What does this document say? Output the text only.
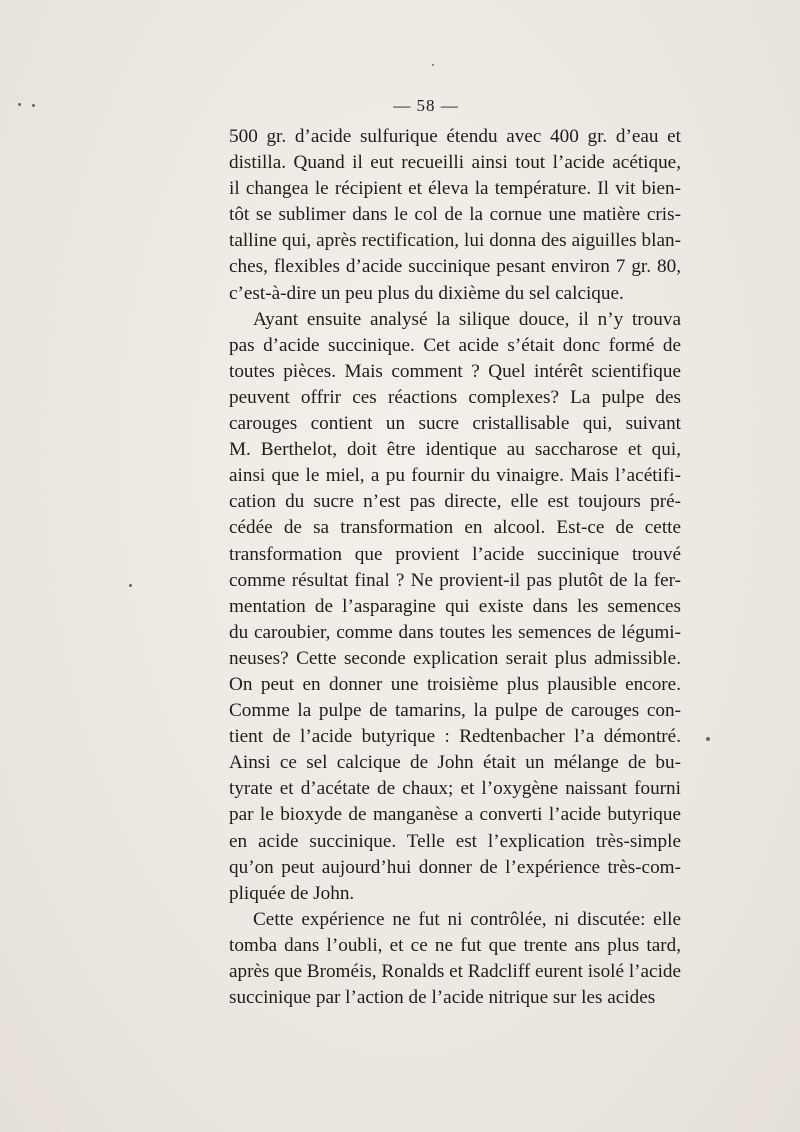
— 58 —
500 gr. d’acide sulfurique étendu avec 400 gr. d’eau et
distilla. Quand il eut recueilli ainsi tout l’acide acétique,
il changea le récipient et éleva la température. Il vit bien-
tôt se sublimer dans le col de la cornue une matière cris-
talline qui, après rectification, lui donna des aiguilles blan-
ches, flexibles d’acide succinique pesant environ 7 gr. 80,
c’est-à-dire un peu plus du dixième du sel calcique.
Ayant ensuite analysé la silique douce, il n’y trouva
pas d’acide succinique. Cet acide s’était donc formé de
toutes pièces. Mais comment ? Quel intérêt scientifique
peuvent offrir ces réactions complexes? La pulpe des
carouges contient un sucre cristallisable qui, suivant
M. Berthelot, doit être identique au saccharose et qui,
ainsi que le miel, a pu fournir du vinaigre. Mais l’acétifi-
cation du sucre n’est pas directe, elle est toujours pré-
cédée de sa transformation en alcool. Est-ce de cette
transformation que provient l’acide succinique trouvé
comme résultat final ? Ne provient-il pas plutôt de la fer-
mentation de l’asparagine qui existe dans les semences
du caroubier, comme dans toutes les semences de légumi-
neuses? Cette seconde explication serait plus admissible.
On peut en donner une troisième plus plausible encore.
Comme la pulpe de tamarins, la pulpe de carouges con-
tient de l’acide butyrique : Redtenbacher l’a démontré.
Ainsi ce sel calcique de John était un mélange de bu-
tyrate et d’acétate de chaux; et l’oxygène naissant fourni
par le bioxyde de manganèse a converti l’acide butyrique
en acide succinique. Telle est l’explication très-simple
qu’on peut aujourd’hui donner de l’expérience très-com-
pliquée de John.
Cette expérience ne fut ni contrôlée, ni discutée: elle
tomba dans l’oubli, et ce ne fut que trente ans plus tard,
après que Broméis, Ronalds et Radcliff eurent isolé l’acide
succinique par l’action de l’acide nitrique sur les acides
